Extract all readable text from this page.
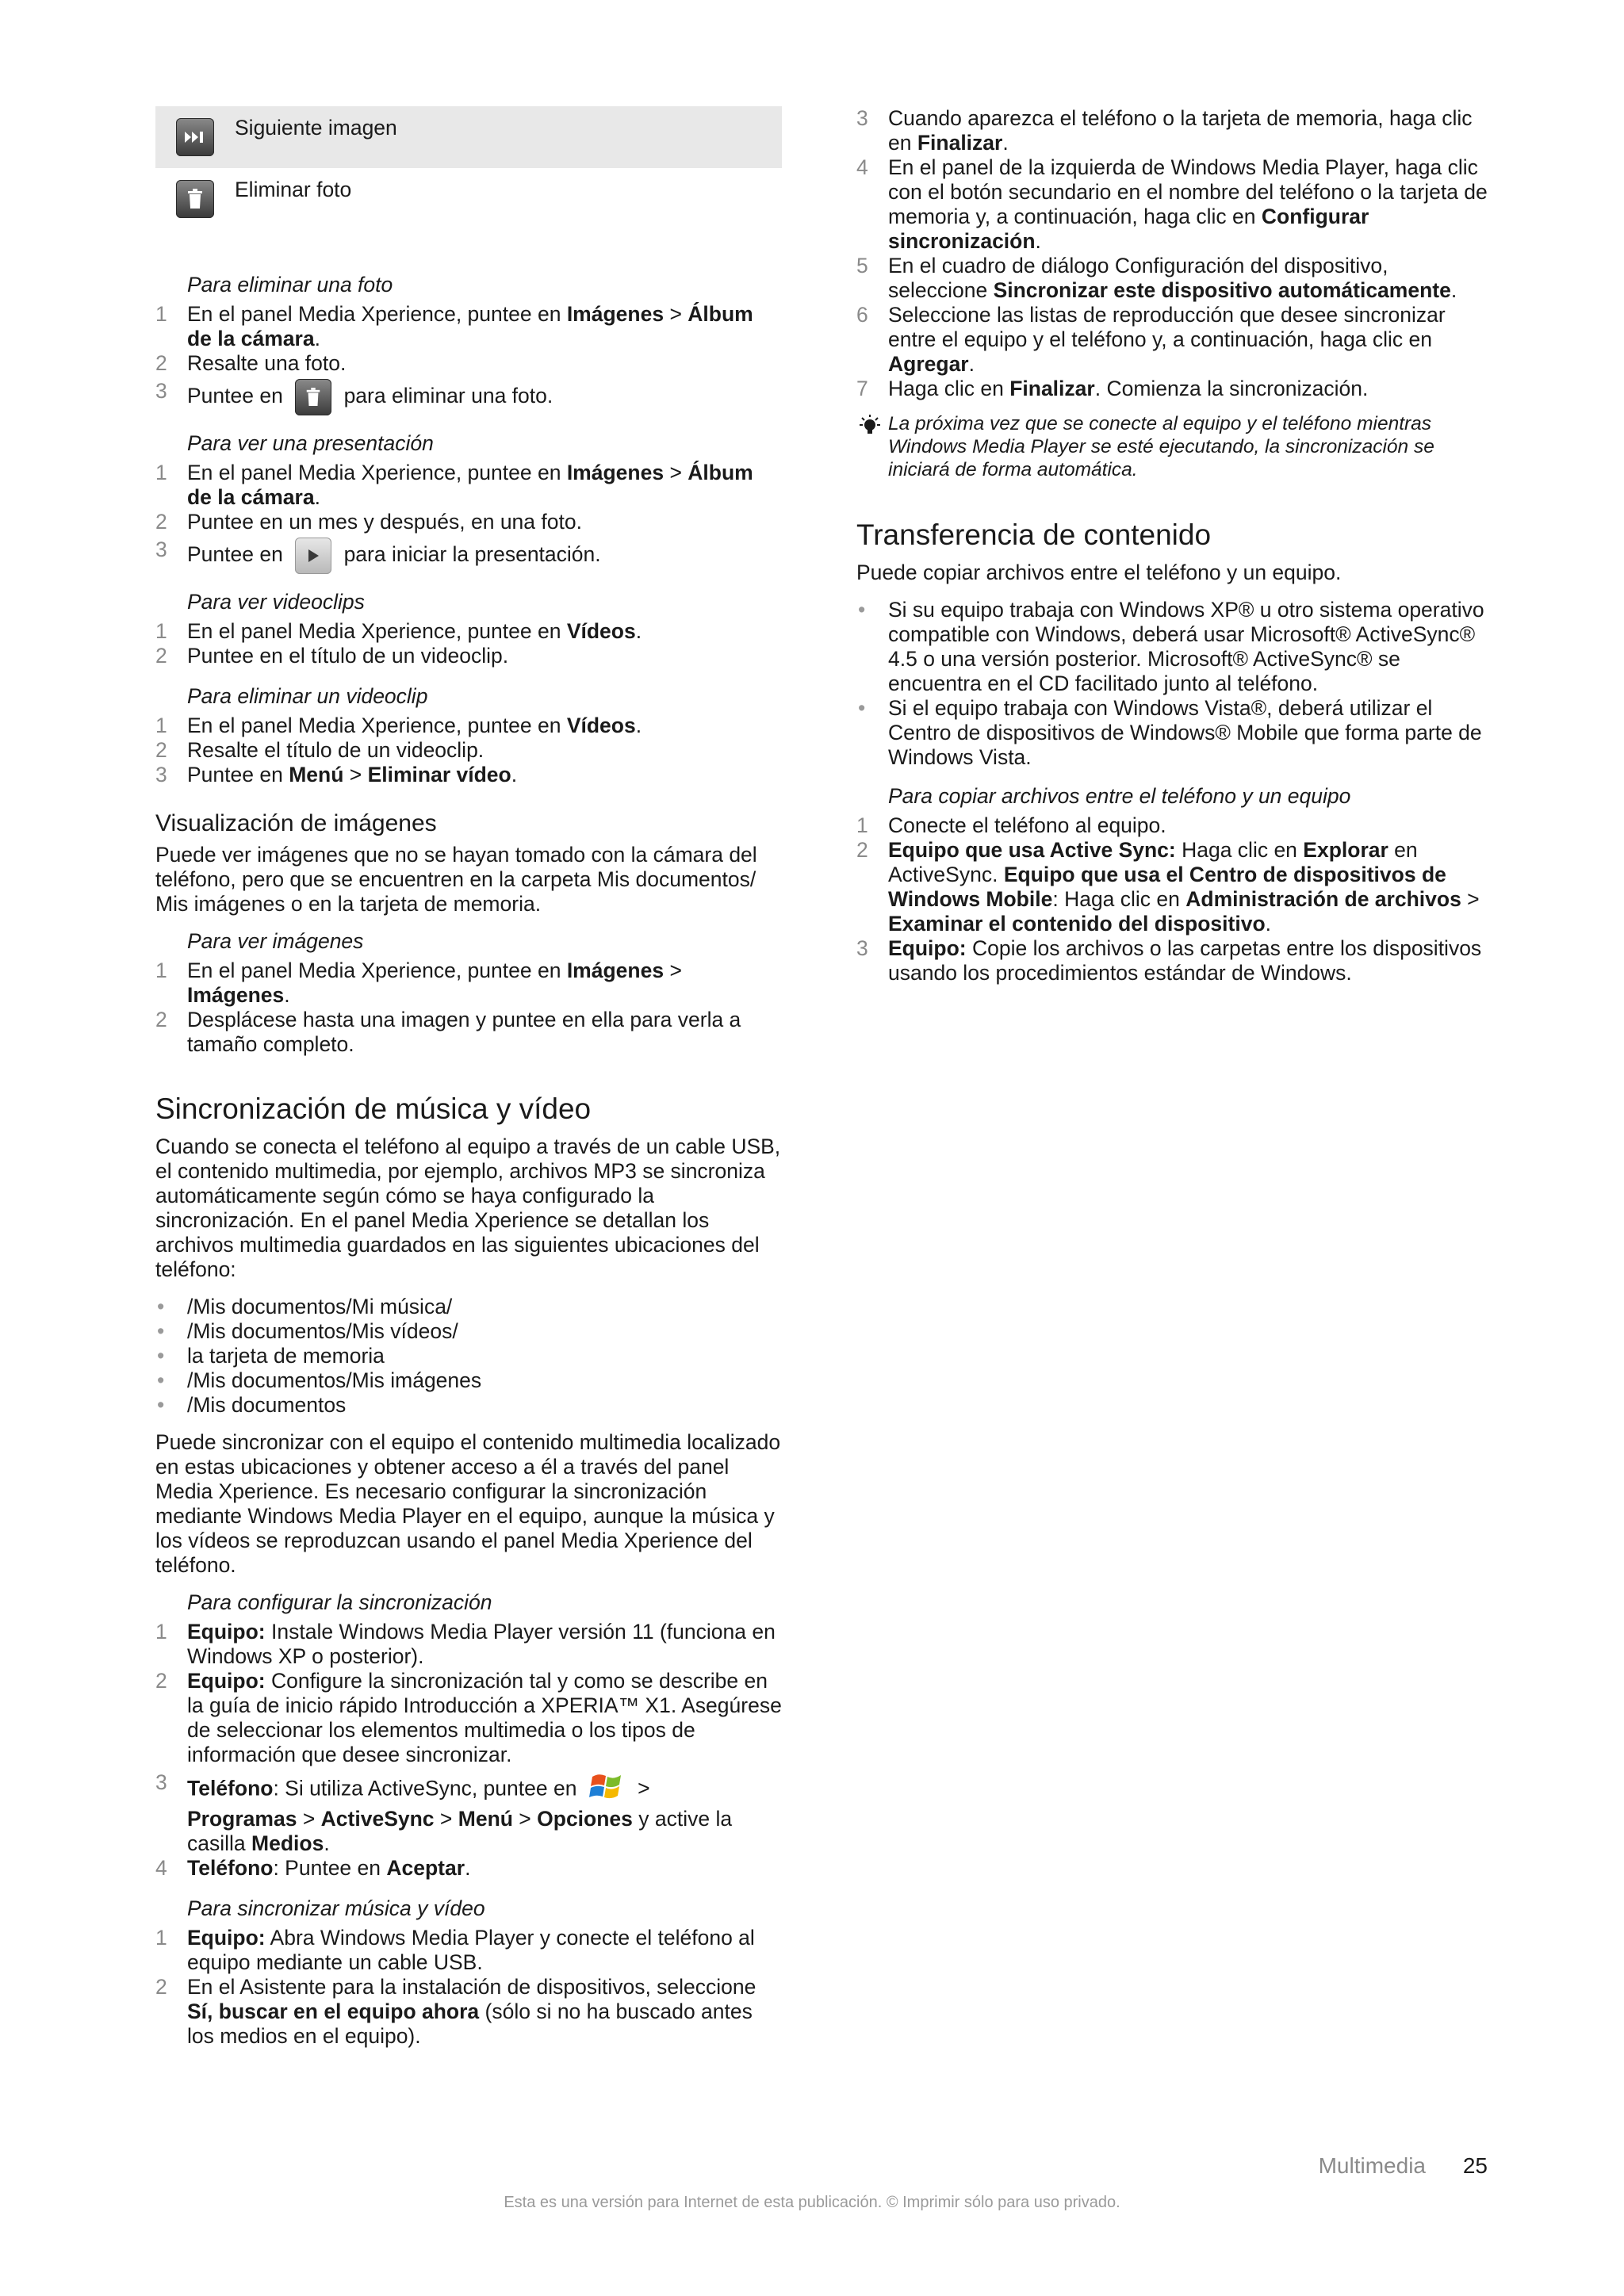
Siguiente imagen
Eliminar foto
Para eliminar una foto
1 En el panel Media Xperience, puntee en Imágenes > Álbum de la cámara.
2 Resalte una foto.
3 Puntee en
para eliminar una foto.
Para ver una presentación
1 En el panel Media Xperience, puntee en Imágenes > Álbum de la cámara.
2 Puntee en un mes y después, en una foto.
3 Puntee en
para iniciar la presentación.
Para ver videoclips
1 En el panel Media Xperience, puntee en Vídeos.
2 Puntee en el título de un videoclip.
Para eliminar un videoclip
1 En el panel Media Xperience, puntee en Vídeos.
2 Resalte el título de un videoclip.
3 Puntee en Menú > Eliminar vídeo.
Visualización de imágenes

Puede ver imágenes que no se hayan tomado con la cámara del teléfono, pero que se encuentren en la carpeta Mis documentos/ Mis imágenes o en la tarjeta de memoria.

Para ver imágenes
1 En el panel Media Xperience, puntee en Imágenes > Imágenes.
2 Desplácese hasta una imagen y puntee en ella para verla a tamaño completo.
Sincronización de música y vídeo

Cuando se conecta el teléfono al equipo a través de un cable USB, el contenido multimedia, por ejemplo, archivos MP3 se sincroniza automáticamente según cómo se haya configurado la sincronización. En el panel Media Xperience se detallan los archivos multimedia guardados en las siguientes ubicaciones del teléfono:

• /Mis documentos/Mi música/
• /Mis documentos/Mis vídeos/
• la tarjeta de memoria
• /Mis documentos/Mis imágenes
• /Mis documentos

Puede sincronizar con el equipo el contenido multimedia localizado en estas ubicaciones y obtener acceso a él a través del panel Media Xperience. Es necesario configurar la sincronización mediante Windows Media Player en el equipo, aunque la música y los vídeos se reproduzcan usando el panel Media Xperience del teléfono.

Para configurar la sincronización
1 Equipo: Instale Windows Media Player versión 11 (funciona en Windows XP o posterior).
2 Equipo: Configure la sincronización tal y como se describe en la guía de inicio rápido Introducción a XPERIA™ X1. Asegúrese de seleccionar los elementos multimedia o los tipos de información que desee sincronizar.
3 Teléfono: Si utiliza ActiveSync, puntee en  >
Programas > ActiveSync > Menú > Opciones y active la casilla Medios.
4 Teléfono: Puntee en Aceptar.
Para sincronizar música y vídeo
1 Equipo: Abra Windows Media Player y conecte el teléfono al equipo mediante un cable USB.
2 En el Asistente para la instalación de dispositivos, seleccione Sí, buscar en el equipo ahora (sólo si no ha buscado antes los medios en el equipo).
3 Cuando aparezca el teléfono o la tarjeta de memoria, haga clic en Finalizar.
4 En el panel de la izquierda de Windows Media Player, haga clic con el botón secundario en el nombre del teléfono o la tarjeta de memoria y, a continuación, haga clic en Configurar sincronización.
5 En el cuadro de diálogo Configuración del dispositivo, seleccione Sincronizar este dispositivo automáticamente.
6 Seleccione las listas de reproducción que desee sincronizar entre el equipo y el teléfono y, a continuación, haga clic en Agregar.
7 Haga clic en Finalizar. Comienza la sincronización.
La próxima vez que se conecte al equipo y el teléfono mientras Windows Media Player se esté ejecutando, la sincronización se iniciará de forma automática.
Transferencia de contenido

Puede copiar archivos entre el teléfono y un equipo.

• Si su equipo trabaja con Windows XP® u otro sistema operativo compatible con Windows, deberá usar Microsoft® ActiveSync® 4.5 o una versión posterior. Microsoft® ActiveSync® se encuentra en el CD facilitado junto al teléfono.
• Si el equipo trabaja con Windows Vista®, deberá utilizar el Centro de dispositivos de Windows® Mobile que forma parte de Windows Vista.
Para copiar archivos entre el teléfono y un equipo
1 Conecte el teléfono al equipo.
2 Equipo que usa Active Sync: Haga clic en Explorar en ActiveSync. Equipo que usa el Centro de dispositivos de Windows Mobile: Haga clic en Administración de archivos > Examinar el contenido del dispositivo.
3 Equipo: Copie los archivos o las carpetas entre los dispositivos usando los procedimientos estándar de Windows.
Multimedia 25
Esta es una versión para Internet de esta publicación. © Imprimir sólo para uso privado.
